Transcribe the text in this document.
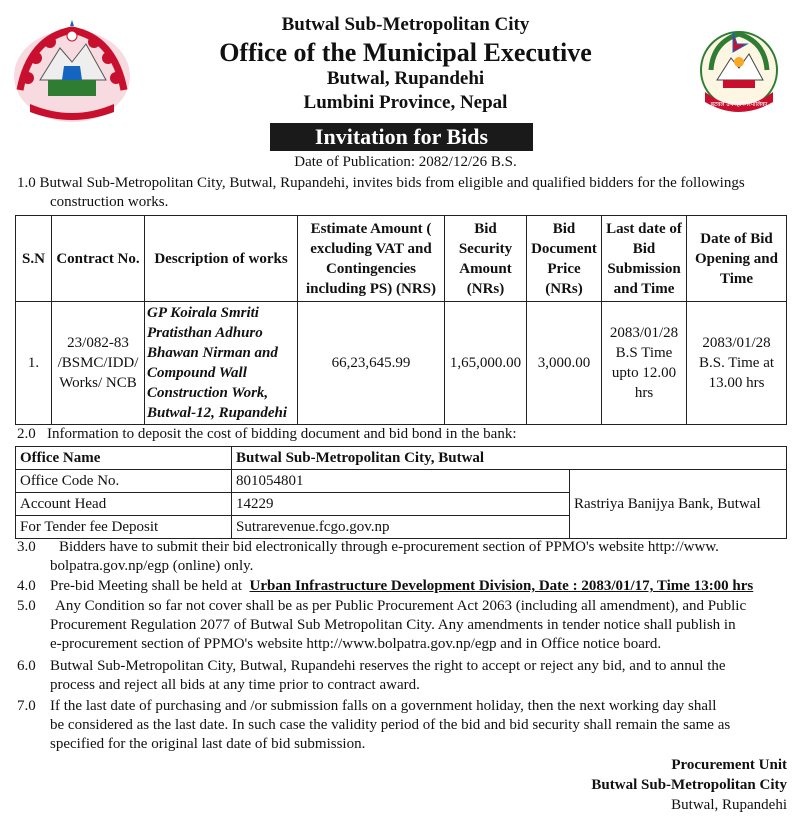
बुटवल उपमहानगरपालिका
Butwal Sub-Metropolitan City
Office of the Municipal Executive
Butwal, Rupandehi
Lumbini Province, Nepal
Invitation for Bids
Date of Publication: 2082/12/26 B.S.
1.0 Butwal Sub-Metropolitan City, Butwal, Rupandehi, invites bids from eligible and qualified bidders for the followings
construction works.
S.N	Contract No.	Description of works	Estimate Amount ( excluding VAT and Contingencies including PS) (NRS)	Bid Security Amount (NRs)	Bid Document Price (NRs)	Last date of Bid Submission and Time	Date of Bid Opening and Time
1.	23/082-83 /BSMC/IDD/ Works/ NCB	GP Koirala Smriti Pratisthan Adhuro Bhawan Nirman and Compound Wall Construction Work, Butwal-12, Rupandehi	66,23,645.99	1,65,000.00	3,000.00	2083/01/28 B.S Time upto 12.00 hrs	2083/01/28 B.S. Time at 13.00 hrs
2.0 Information to deposit the cost of bidding document and bid bond in the bank:
Office Name	Butwal Sub-Metropolitan City, Butwal	
Office Code No.	801054801	Rastriya Banijya Bank, Butwal
Account Head	14229	
For Tender fee Deposit	Sutrarevenue.fcgo.gov.np	
3.0	Bidders have to submit their bid electronically through e-procurement section of PPMO's website http://www.
bolpatra.gov.np/egp (online) only.
4.0 Pre-bid Meeting shall be held at Urban Infrastructure Development Division, Date : 2083/01/17, Time 13:00 hrs
5.0	Any Condition so far not cover shall be as per Public Procurement Act 2063 (including all amendment), and Public
Procurement Regulation 2077 of Butwal Sub Metropolitan City. Any amendments in tender notice shall publish in
e-procurement section of PPMO's website http://www.bolpatra.gov.np/egp and in Office notice board.
6.0 Butwal Sub-Metropolitan City, Butwal, Rupandehi reserves the right to accept or reject any bid, and to annul the
process and reject all bids at any time prior to contract award.
7.0 If the last date of purchasing and /or submission falls on a government holiday, then the next working day shall
be considered as the last date. In such case the validity period of the bid and bid security shall remain the same as
specified for the original last date of bid submission.
Procurement Unit
Butwal Sub-Metropolitan City
Butwal, Rupandehi
